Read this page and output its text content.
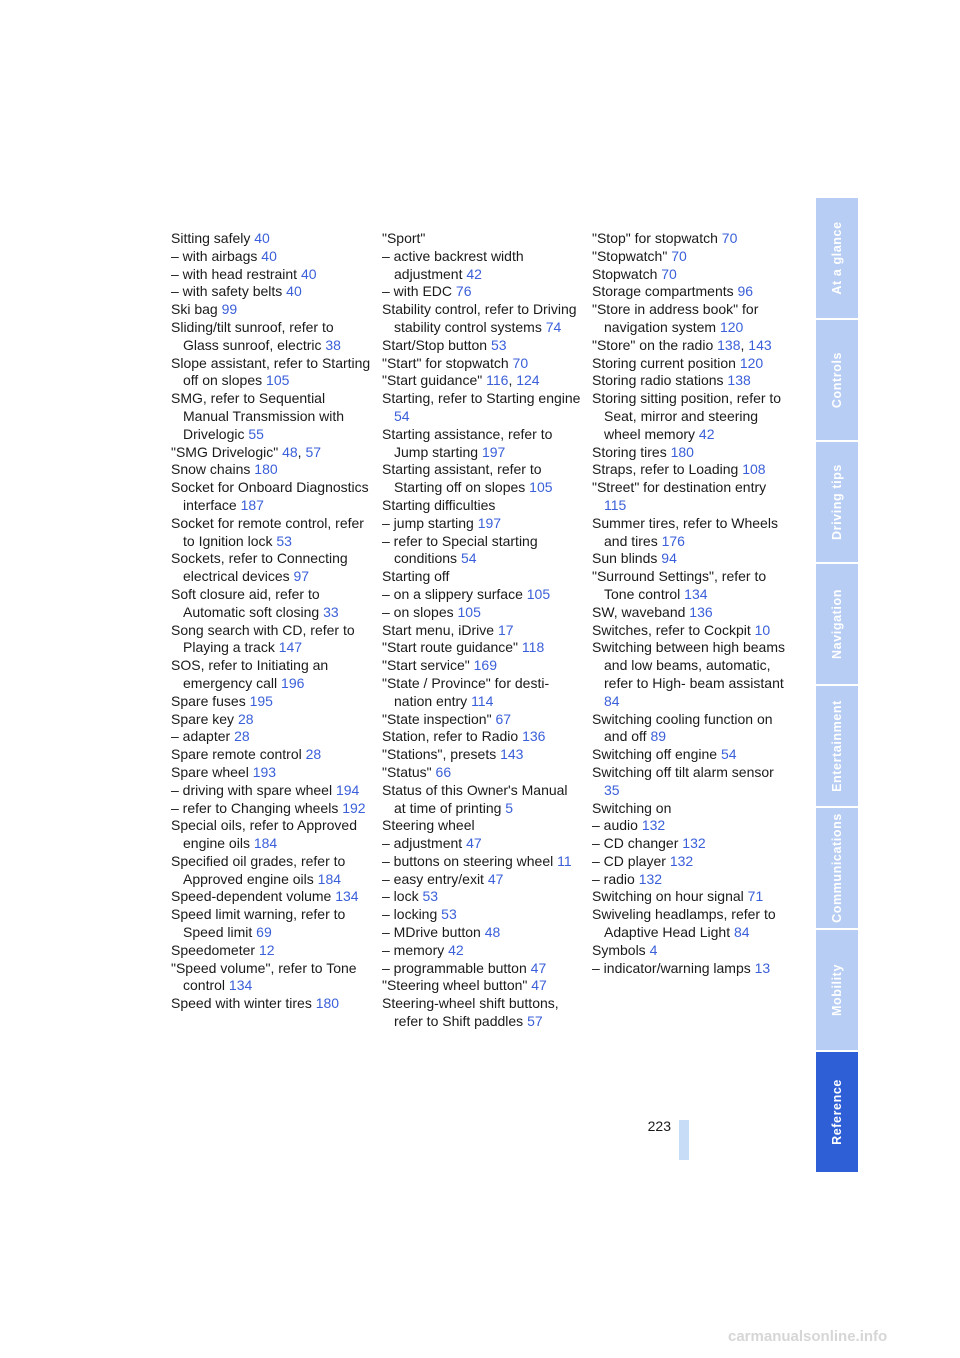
Sitting safely 40
– with airbags 40
– with head restraint 40
– with safety belts 40
Ski bag 99
Sliding/tilt sunroof, refer to Glass sunroof, electric 38
Slope assistant, refer to Starting off on slopes 105
SMG, refer to Sequential Manual Transmission with Drivelogic 55
"SMG Drivelogic" 48, 57
Snow chains 180
Socket for Onboard Diagnostics interface 187
Socket for remote control, refer to Ignition lock 53
Sockets, refer to Connecting electrical devices 97
Soft closure aid, refer to Automatic soft closing 33
Song search with CD, refer to Playing a track 147
SOS, refer to Initiating an emergency call 196
Spare fuses 195
Spare key 28
– adapter 28
Spare remote control 28
Spare wheel 193
– driving with spare wheel 194
– refer to Changing wheels 192
Special oils, refer to Approved engine oils 184
Specified oil grades, refer to Approved engine oils 184
Speed-dependent volume 134
Speed limit warning, refer to Speed limit 69
Speedometer 12
"Speed volume", refer to Tone control 134
Speed with winter tires 180
"Sport"
– active backrest width adjustment 42
– with EDC 76
Stability control, refer to Driving stability control systems 74
Start/Stop button 53
"Start" for stopwatch 70
"Start guidance" 116, 124
Starting, refer to Starting engine 54
Starting assistance, refer to Jump starting 197
Starting assistant, refer to Starting off on slopes 105
Starting difficulties
– jump starting 197
– refer to Special starting conditions 54
Starting off
– on a slippery surface 105
– on slopes 105
Start menu, iDrive 17
"Start route guidance" 118
"Start service" 169
"State / Province" for desti- nation entry 114
"State inspection" 67
Station, refer to Radio 136
"Stations", presets 143
"Status" 66
Status of this Owner's Manual at time of printing 5
Steering wheel
– adjustment 47
– buttons on steering wheel 11
– easy entry/exit 47
– lock 53
– locking 53
– MDrive button 48
– memory 42
– programmable button 47
"Steering wheel button" 47
Steering-wheel shift buttons, refer to Shift paddles 57
"Stop" for stopwatch 70
"Stopwatch" 70
Stopwatch 70
Storage compartments 96
"Store in address book" for navigation system 120
"Store" on the radio 138, 143
Storing current position 120
Storing radio stations 138
Storing sitting position, refer to Seat, mirror and steering wheel memory 42
Storing tires 180
Straps, refer to Loading 108
"Street" for destination entry 115
Summer tires, refer to Wheels and tires 176
Sun blinds 94
"Surround Settings", refer to Tone control 134
SW, waveband 136
Switches, refer to Cockpit 10
Switching between high beams and low beams, automatic, refer to High- beam assistant 84
Switching cooling function on and off 89
Switching off engine 54
Switching off tilt alarm sensor 35
Switching on
– audio 132
– CD changer 132
– CD player 132
– radio 132
Switching on hour signal 71
Swiveling headlamps, refer to Adaptive Head Light 84
Symbols 4
– indicator/warning lamps 13
At a glance
Controls
Driving tips
Navigation
Entertainment
Communications
Mobility
Reference
223
carmanualsonline.info
